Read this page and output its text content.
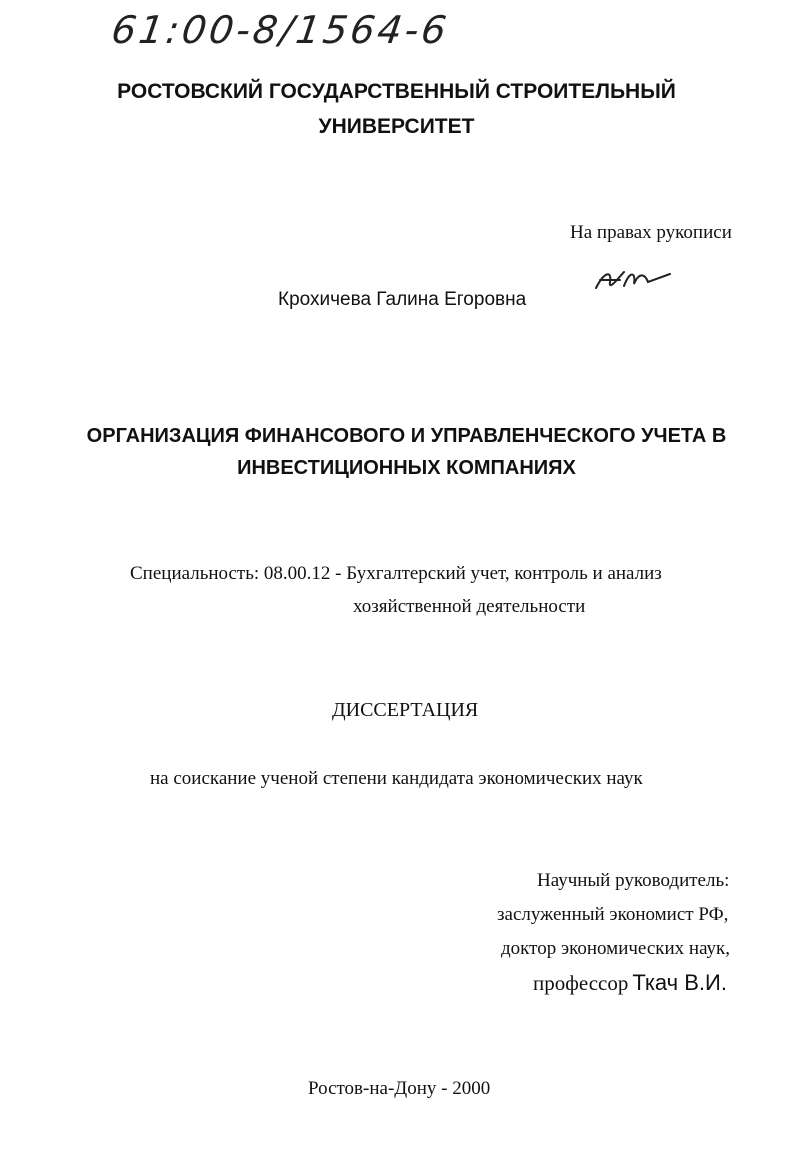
61:00-8/1564-6
РОСТОВСКИЙ ГОСУДАРСТВЕННЫЙ СТРОИТЕЛЬНЫЙ
УНИВЕРСИТЕТ
На правах рукописи
Крохичева Галина Егоровна
ОРГАНИЗАЦИЯ ФИНАНСОВОГО И УПРАВЛЕНЧЕСКОГО УЧЕТА В
ИНВЕСТИЦИОННЫХ КОМПАНИЯХ
Специальность: 08.00.12 - Бухгалтерский учет, контроль и анализ
хозяйственной деятельности
ДИССЕРТАЦИЯ
на соискание ученой степени кандидата экономических наук
Научный руководитель:
заслуженный экономист РФ,
доктор экономических наук,
профессор Ткач В.И.
Ростов-на-Дону - 2000
